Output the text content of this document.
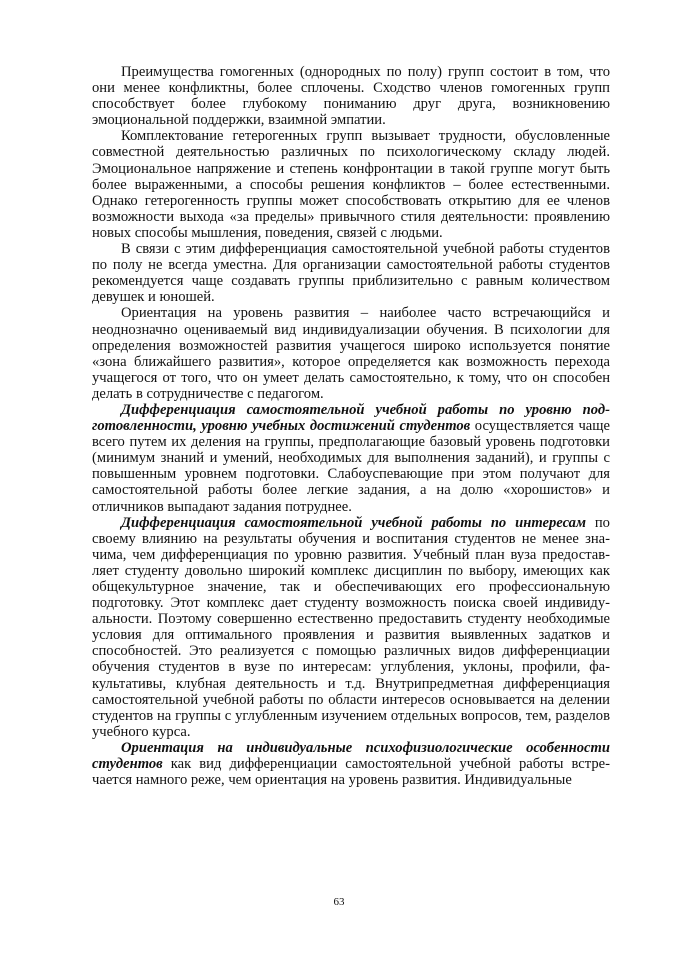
Преимущества гомогенных (однородных по полу) групп состоит в том, что они менее конфликтны, более сплочены. Сходство членов гомогенных групп способствует более глубокому пониманию друг друга, возникновению эмоциональной поддержки, взаимной эмпатии.

Комплектование гетерогенных групп вызывает трудности, обусловленные совместной деятельностью различных по психологическому складу людей. Эмоциональное напряжение и степень конфронтации в такой группе могут быть более выраженными, а способы решения конфликтов – более естественными. Однако гетерогенность группы может способствовать открытию для ее членов возможности выхода «за пределы» привычного стиля деятельности: проявлению новых способы мышления, поведения, связей с людьми.

В связи с этим дифференциация самостоятельной учебной работы студентов по полу не всегда уместна. Для организации самостоятельной работы студентов рекомендуется чаще создавать группы приблизительно с равным количеством девушек и юношей.

Ориентация на уровень развития – наиболее часто встречающийся и неоднозначно оцениваемый вид индивидуализации обучения. В психологии для определения возможностей развития учащегося широко используется понятие «зона ближайшего развития», которое определяется как возможность перехода учащегося от того, что он умеет делать самостоятельно, к тому, что он способен делать в сотрудничестве с педагогом.

Дифференциация самостоятельной учебной работы по уровню подготовленности, уровню учебных достижений студентов осуществляется чаще всего путем их деления на группы, предполагающие базовый уровень подготовки (минимум знаний и умений, необходимых для выполнения заданий), и группы с повышенным уровнем подготовки. Слабоуспевающие при этом получают для самостоятельной работы более легкие задания, а на долю «хорошистов» и отличников выпадают задания потруднее.

Дифференциация самостоятельной учебной работы по интересам по своему влиянию на результаты обучения и воспитания студентов не менее значима, чем дифференциация по уровню развития. Учебный план вуза предоставляет студенту довольно широкий комплекс дисциплин по выбору, имеющих как общекультурное значение, так и обеспечивающих его профессиональную подготовку. Этот комплекс дает студенту возможность поиска своей индивидуальности. Поэтому совершенно естественно предоставить студенту необходимые условия для оптимального проявления и развития выявленных задатков и способностей. Это реализуется с помощью различных видов дифференциации обучения студентов в вузе по интересам: углубления, уклоны, профили, факультативы, клубная деятельность и т.д. Внутрипредметная дифференциация самостоятельной учебной работы по области интересов основывается на делении студентов на группы с углубленным изучением отдельных вопросов, тем, разделов учебного курса.

Ориентация на индивидуальные психофизиологические особенности студентов как вид дифференциации самостоятельной учебной работы встречается намного реже, чем ориентация на уровень развития. Индивидуальные

63
